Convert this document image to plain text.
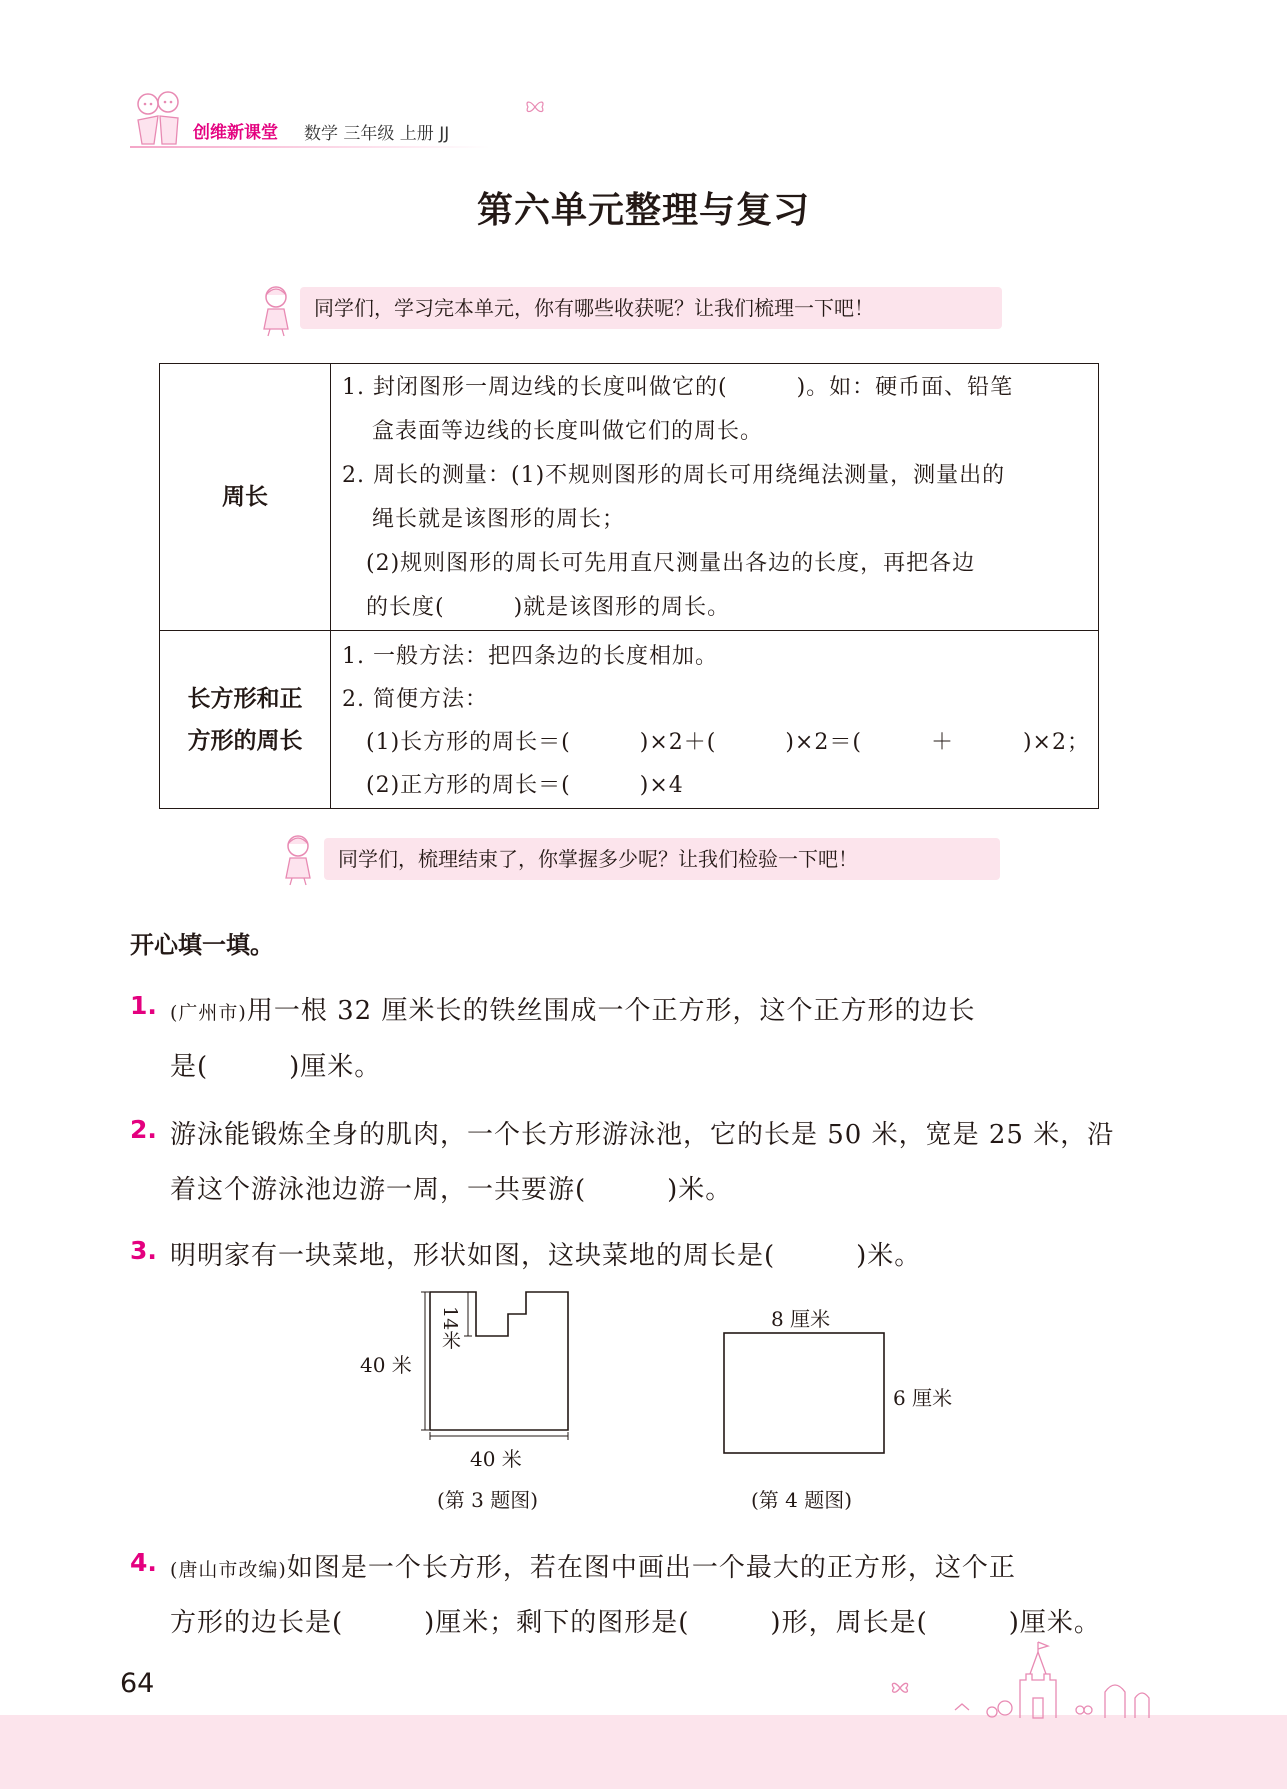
创维新课堂 数学 三年级 上册 JJ
第六单元整理与复习
同学们，学习完本单元，你有哪些收获呢？让我们梳理一下吧！
周长
1. 封闭图形一周边线的长度叫做它的(　　　)。如：硬币面、铅笔
盒表面等边线的长度叫做它们的周长。
2. 周长的测量：(1)不规则图形的周长可用绕绳法测量，测量出的
绳长就是该图形的周长；
(2)规则图形的周长可先用直尺测量出各边的长度，再把各边
的长度(　　　)就是该图形的周长。
长方形和正
方形的周长
1. 一般方法：把四条边的长度相加。
2. 简便方法：
(1)长方形的周长＝(　　　)×2＋(　　　)×2＝(　　　＋　　　)×2；
(2)正方形的周长＝(　　　)×4
同学们，梳理结束了，你掌握多少呢？让我们检验一下吧！
开心填一填。
1. (广州市)用一根 32 厘米长的铁丝围成一个正方形，这个正方形的边长
是(　　　)厘米。
2. 游泳能锻炼全身的肌肉，一个长方形游泳池，它的长是 50 米，宽是 25 米，沿
着这个游泳池边游一周，一共要游(　　　)米。
3. 明明家有一块菜地，形状如图，这块菜地的周长是(　　　)米。
40 米
14米
40 米
(第 3 题图)
8 厘米
6 厘米
(第 4 题图)
4. (唐山市改编)如图是一个长方形，若在图中画出一个最大的正方形，这个正
方形的边长是(　　　)厘米；剩下的图形是(　　　)形，周长是(　　　)厘米。
64
